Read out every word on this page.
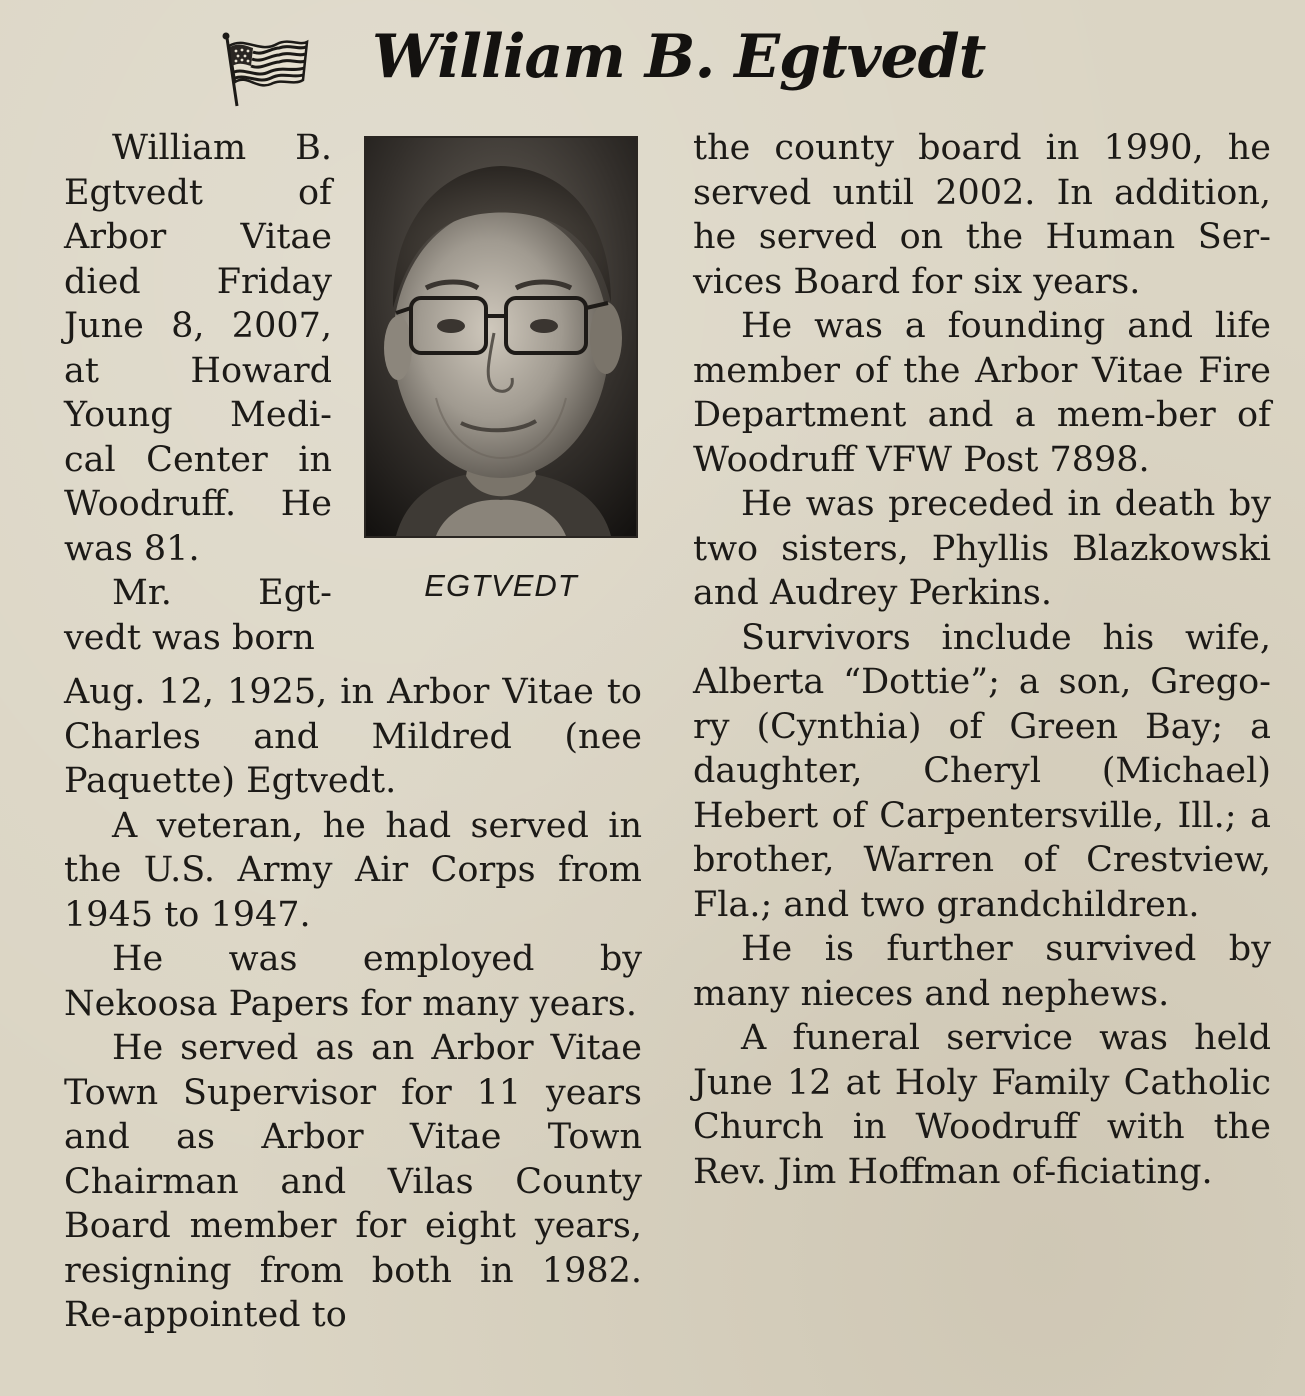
William B. Egtvedt

William B. Egtvedt of Arbor Vitae died Friday June 8, 2007, at Howard Young Medi-cal Center in Woodruff. He was 81.

Mr. Egt-vedt was born

EGTVEDT

Aug. 12, 1925, in Arbor Vitae to Charles and Mildred (nee Paquette) Egtvedt.

A veteran, he had served in the U.S. Army Air Corps from 1945 to 1947.

He was employed by Nekoosa Papers for many years.

He served as an Arbor Vitae Town Supervisor for 11 years and as Arbor Vitae Town Chairman and Vilas County Board member for eight years, resigning from both in 1982. Re-appointed to

the county board in 1990, he served until 2002. In addition, he served on the Human Ser-vices Board for six years.

He was a founding and life member of the Arbor Vitae Fire Department and a mem-ber of Woodruff VFW Post 7898.

He was preceded in death by two sisters, Phyllis Blazkowski and Audrey Perkins.

Survivors include his wife, Alberta “Dottie”; a son, Grego-ry (Cynthia) of Green Bay; a daughter, Cheryl (Michael) Hebert of Carpentersville, Ill.; a brother, Warren of Crestview, Fla.; and two grandchildren.

He is further survived by many nieces and nephews.

A funeral service was held June 12 at Holy Family Catholic Church in Woodruff with the Rev. Jim Hoffman of-ficiating.
